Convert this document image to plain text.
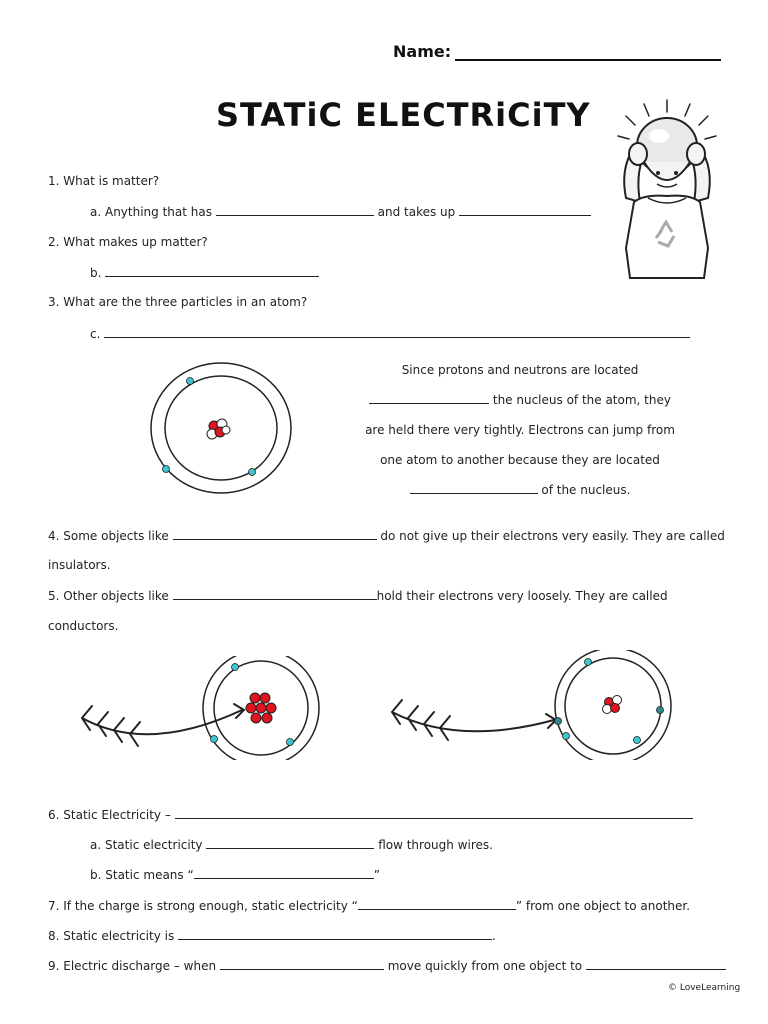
Name:
STATiC ELECTRiCiTY
1. What is matter?
a. Anything that has	and takes up
2. What makes up matter?
b.
3. What are the three particles in an atom?
c.
Since protons and neutrons are located
the nucleus of the atom, they
are held there very tightly. Electrons can jump from
one atom to another because they are located
of the nucleus.
4. Some objects like	do not give up their electrons very easily. They are called
insulators.
5. Other objects like	hold their electrons very loosely. They are called
conductors.
6. Static Electricity –
a. Static electricity	flow through wires.
b. Static means “	”
7. If the charge is strong enough, static electricity “	” from one object to another.
8. Static electricity is	.
9. Electric discharge – when	move quickly from one object to
© LoveLearning
